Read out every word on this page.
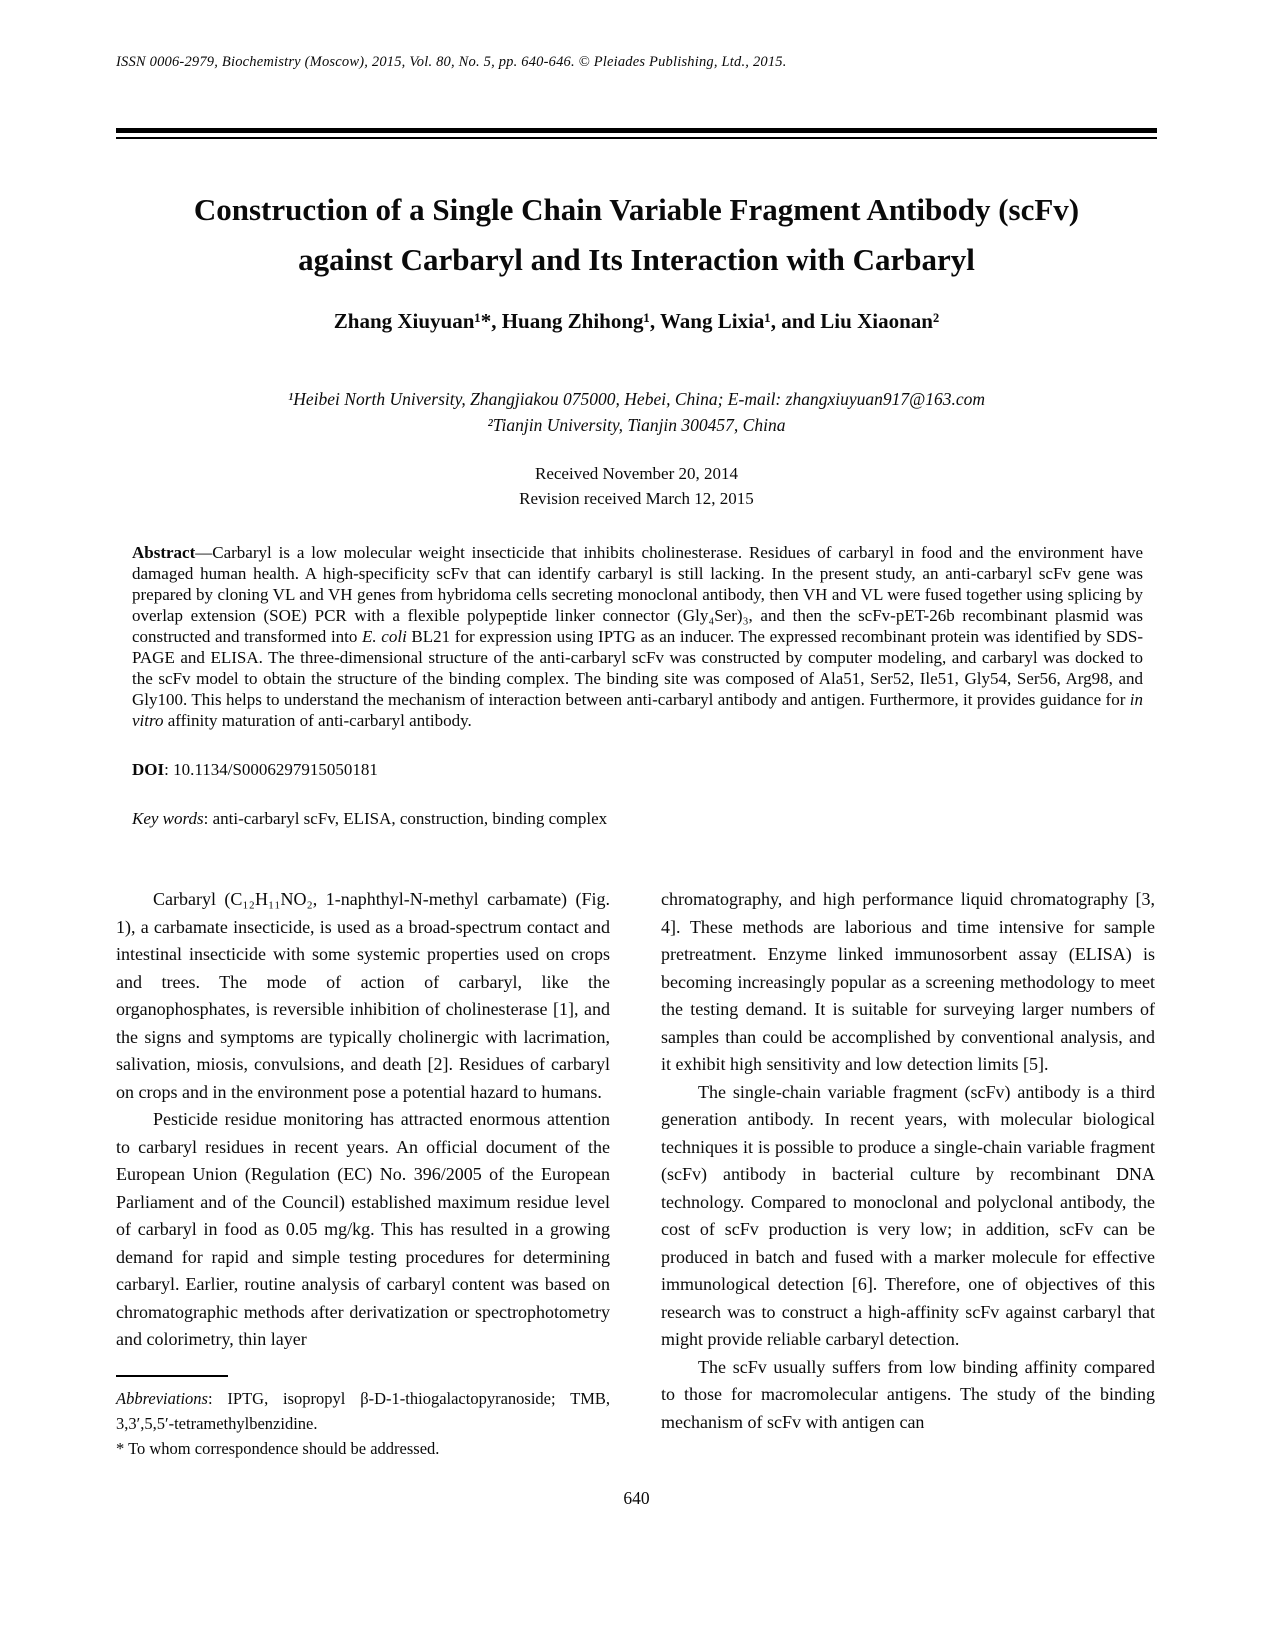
ISSN 0006-2979, Biochemistry (Moscow), 2015, Vol. 80, No. 5, pp. 640-646. © Pleiades Publishing, Ltd., 2015.
Construction of a Single Chain Variable Fragment Antibody (scFv)
against Carbaryl and Its Interaction with Carbaryl
Zhang Xiuyuan¹*, Huang Zhihong¹, Wang Lixia¹, and Liu Xiaonan²
¹Heibei North University, Zhangjiakou 075000, Hebei, China; E-mail: zhangxiuyuan917@163.com
²Tianjin University, Tianjin 300457, China
Received November 20, 2014
Revision received March 12, 2015

Abstract—Carbaryl is a low molecular weight insecticide that inhibits cholinesterase. Residues of carbaryl in food and the environment have damaged human health. A high-specificity scFv that can identify carbaryl is still lacking. In the present study, an anti-carbaryl scFv gene was prepared by cloning VL and VH genes from hybridoma cells secreting monoclonal antibody, then VH and VL were fused together using splicing by overlap extension (SOE) PCR with a flexible polypeptide linker connector (Gly₄Ser)₃, and then the scFv-pET-26b recombinant plasmid was constructed and transformed into E. coli BL21 for expression using IPTG as an inducer. The expressed recombinant protein was identified by SDS-PAGE and ELISA. The three-dimensional structure of the anti-carbaryl scFv was constructed by computer modeling, and carbaryl was docked to the scFv model to obtain the structure of the binding complex. The binding site was composed of Ala51, Ser52, Ile51, Gly54, Ser56, Arg98, and Gly100. This helps to understand the mechanism of interaction between anti-carbaryl antibody and antigen. Furthermore, it provides guidance for in vitro affinity maturation of anti-carbaryl antibody.

DOI: 10.1134/S0006297915050181

Key words: anti-carbaryl scFv, ELISA, construction, binding complex

Carbaryl (C₁₂H₁₁NO₂, 1-naphthyl-N-methyl carbamate) (Fig. 1), a carbamate insecticide, is used as a broad-spectrum contact and intestinal insecticide with some systemic properties used on crops and trees. The mode of action of carbaryl, like the organophosphates, is reversible inhibition of cholinesterase [1], and the signs and symptoms are typically cholinergic with lacrimation, salivation, miosis, convulsions, and death [2]. Residues of carbaryl on crops and in the environment pose a potential hazard to humans.

Pesticide residue monitoring has attracted enormous attention to carbaryl residues in recent years. An official document of the European Union (Regulation (EC) No. 396/2005 of the European Parliament and of the Council) established maximum residue level of carbaryl in food as 0.05 mg/kg. This has resulted in a growing demand for rapid and simple testing procedures for determining carbaryl. Earlier, routine analysis of carbaryl content was based on chromatographic methods after derivatization or spectrophotometry and colorimetry, thin layer

Abbreviations: IPTG, isopropyl β-D-1-thiogalactopyranoside; TMB, 3,3′,5,5′-tetramethylbenzidine.

* To whom correspondence should be addressed.

chromatography, and high performance liquid chromatography [3, 4]. These methods are laborious and time intensive for sample pretreatment. Enzyme linked immunosorbent assay (ELISA) is becoming increasingly popular as a screening methodology to meet the testing demand. It is suitable for surveying larger numbers of samples than could be accomplished by conventional analysis, and it exhibit high sensitivity and low detection limits [5].

The single-chain variable fragment (scFv) antibody is a third generation antibody. In recent years, with molecular biological techniques it is possible to produce a single-chain variable fragment (scFv) antibody in bacterial culture by recombinant DNA technology. Compared to monoclonal and polyclonal antibody, the cost of scFv production is very low; in addition, scFv can be produced in batch and fused with a marker molecule for effective immunological detection [6]. Therefore, one of objectives of this research was to construct a high-affinity scFv against carbaryl that might provide reliable carbaryl detection.

The scFv usually suffers from low binding affinity compared to those for macromolecular antigens. The study of the binding mechanism of scFv with antigen can

640
